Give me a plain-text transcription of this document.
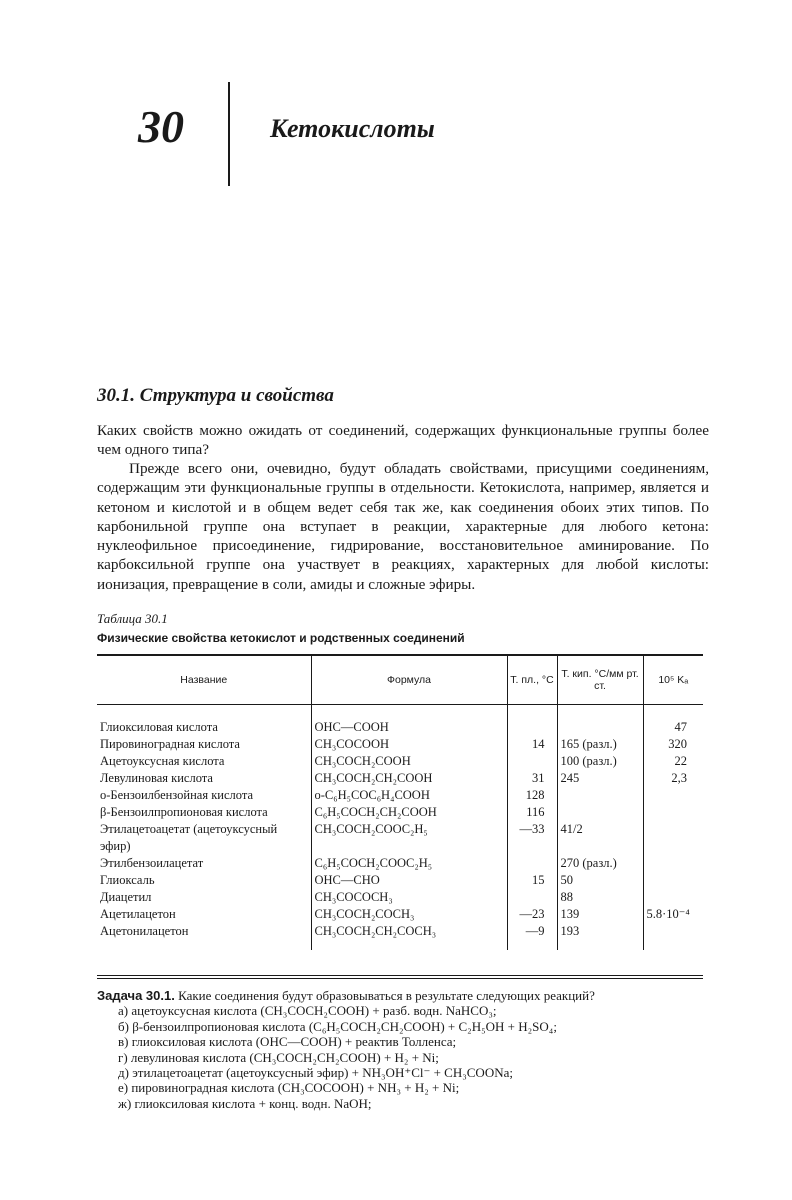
30	Кетокислоты
30.1. Структура и свойства

Каких свойств можно ожидать от соединений, содержащих функциональные группы более чем одного типа?

Прежде всего они, очевидно, будут обладать свойствами, присущими соединениям, содержащим эти функциональные группы в отдельности. Кетокислота, например, является и кетоном и кислотой и в общем ведет себя так же, как соединения обоих этих типов. По карбонильной группе она вступает в реакции, характерные для любого кетона: нуклеофильное присоединение, гидрирование, восстановительное аминирование. По карбоксильной группе она участвует в реакциях, характерных для любой кислоты: ионизация, превращение в соли, амиды и сложные эфиры.

Таблица 30.1

Физические свойства кетокислот и родственных соединений

Название	Формула	Т. пл., °С	Т. кип. °С/мм рт. ст.	10⁵ Kₐ

Глиоксиловая кислота	OHC—COOH			47
Пировиноградная кислота	CH₃COCOOH	14	165 (разл.)	320
Ацетоуксусная кислота	CH₃COCH₂COOH		100 (разл.)	22
Левулиновая кислота	CH₃COCH₂CH₂COOH	31	245	2,3
о-Бензоилбензойная кислота	о-C₆H₅COC₆H₄COOH	128		
β-Бензоилпропионовая кислота	C₆H₅COCH₂CH₂COOH	116		
Этилацетоацетат (ацетоуксусный эфир)	CH₃COCH₂COOC₂H₅	—33	41/2	
Этилбензоилацетат	C₆H₅COCH₂COOC₂H₅		270 (разл.)	
Глиоксаль	OHC—CHO	15	50	
Диацетил	CH₃COCOCH₃		88	
Ацетилацетон	CH₃COCH₂COCH₃	—23	139	5.8·10⁻⁴
Ацетонилацетон	CH₃COCH₂CH₂COCH₃	—9	193	
Задача 30.1. Какие соединения будут образовываться в результате следующих реакций?
а) ацетоуксусная кислота (CH₃COCH₂COOH) + разб. водн. NaHCO₃;
б) β-бензоилпропионовая кислота (C₆H₅COCH₂CH₂COOH) + C₂H₅OH + H₂SO₄;
в) глиоксиловая кислота (OHC—COOH) + реактив Толленса;
г) левулиновая кислота (CH₃COCH₂CH₂COOH) + H₂ + Ni;
д) этилацетоацетат (ацетоуксусный эфир) + NH₃OH⁺Cl⁻ + CH₃COONa;
е) пировиноградная кислота (CH₃COCOOH) + NH₃ + H₂ + Ni;
ж) глиоксиловая кислота + конц. водн. NaOH;
